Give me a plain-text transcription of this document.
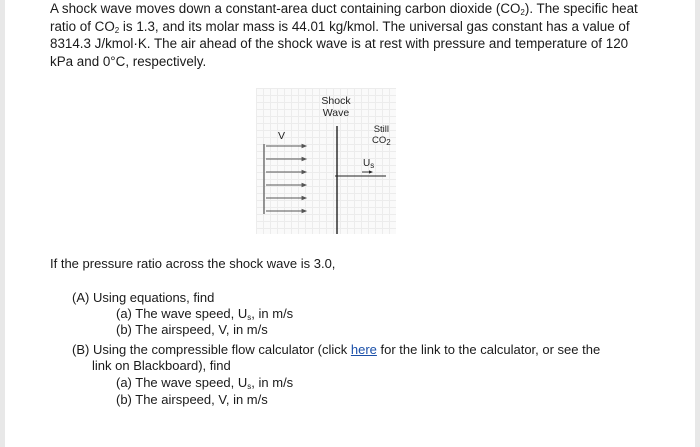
A shock wave moves down a constant-area duct containing carbon dioxide $(CO_2)$. The specific heat ratio of $CO_2$ is 1.3, and its molar mass is 44.01 kg/kmol. The universal gas constant has a value of 8314.3 J/kmol·K. The air ahead of the shock wave is at rest with pressure and temperature of 120 kPa and 0°C, respectively.

Shock
Wave
V
Still
$CO_2$
$U_s$
If the pressure ratio across the shock wave is 3.0,
(A) Using equations, find
(a) The wave speed, $U_s$, in m/s
(b) The airspeed, V, in m/s
(B) Using the compressible flow calculator (click here for the link to the calculator, or see the
link on Blackboard), find
(a) The wave speed, $U_s$, in m/s
(b) The airspeed, V, in m/s
